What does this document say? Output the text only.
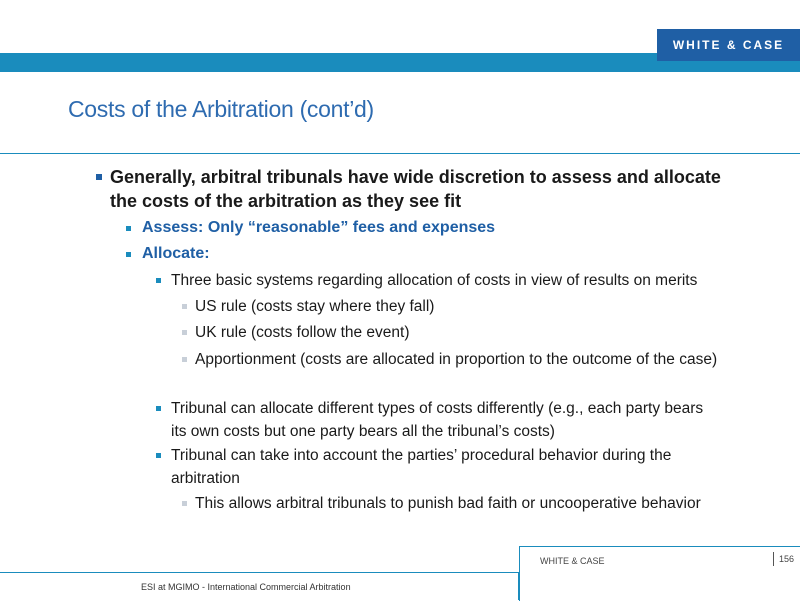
WHITE & CASE
Costs of the Arbitration (cont’d)
Generally, arbitral tribunals have wide discretion to assess and allocate the costs of the arbitration as they see fit
Assess: Only “reasonable” fees and expenses
Allocate:
Three basic systems regarding allocation of costs in view of results on merits
US rule (costs stay where they fall)
UK rule (costs follow the event)
Apportionment (costs are allocated in proportion to the outcome of the case)
Tribunal can allocate different types of costs differently (e.g., each party bears its own costs but one party bears all the tribunal’s costs)
Tribunal can take into account the parties’ procedural behavior during the arbitration
This allows arbitral tribunals to punish bad faith or uncooperative behavior
WHITE & CASE	156
ESI at MGIMO - International Commercial Arbitration
